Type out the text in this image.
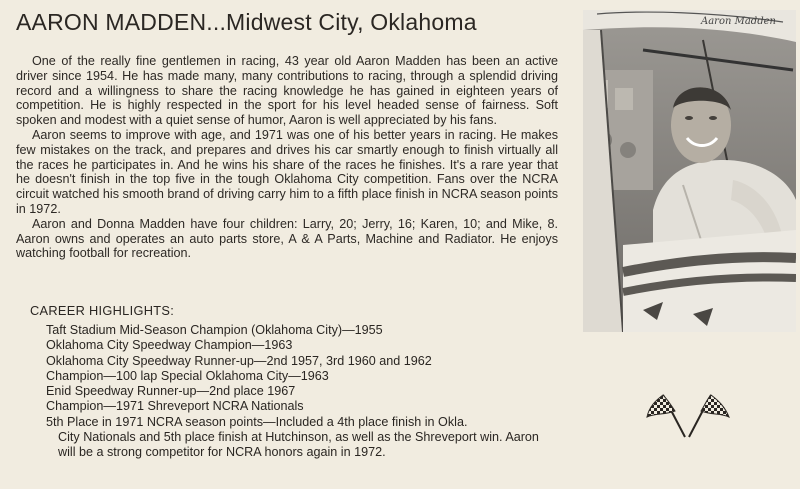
AARON MADDEN...Midwest City, Oklahoma

One of the really fine gentlemen in racing, 43 year old Aaron Madden has been an active driver since 1954. He has made many, many contributions to racing, through a splendid driving record and a willingness to share the racing knowledge he has gained in eighteen years of competition. He is highly respected in the sport for his level headed sense of fairness. Soft spoken and modest with a quiet sense of humor, Aaron is well appreciated by his fans.

Aaron seems to improve with age, and 1971 was one of his better years in racing. He makes few mistakes on the track, and prepares and drives his car smartly enough to finish virtually all the races he participates in. And he wins his share of the races he finishes. It's a rare year that he doesn't finish in the top five in the tough Oklahoma City competition. Fans over the NCRA circuit watched his smooth brand of driving carry him to a fifth place finish in NCRA season points in 1972.

Aaron and Donna Madden have four children: Larry, 20; Jerry, 16; Karen, 10; and Mike, 8. Aaron owns and operates an auto parts store, A & A Parts, Machine and Radiator. He enjoys watching football for recreation.

CAREER HIGHLIGHTS:
Taft Stadium Mid-Season Champion (Oklahoma City)—1955
Oklahoma City Speedway Champion—1963
Oklahoma City Speedway Runner-up—2nd 1957, 3rd 1960 and 1962
Champion—100 lap Special Oklahoma City—1963
Enid Speedway Runner-up—2nd place 1967
Champion—1971 Shreveport NCRA Nationals
5th Place in 1971 NCRA season points—Included a 4th place finish in Okla.
City Nationals and 5th place finish at Hutchinson, as well as the Shreveport win. Aaron will be a strong competitor for NCRA honors again in 1972.
Aaron Madden
